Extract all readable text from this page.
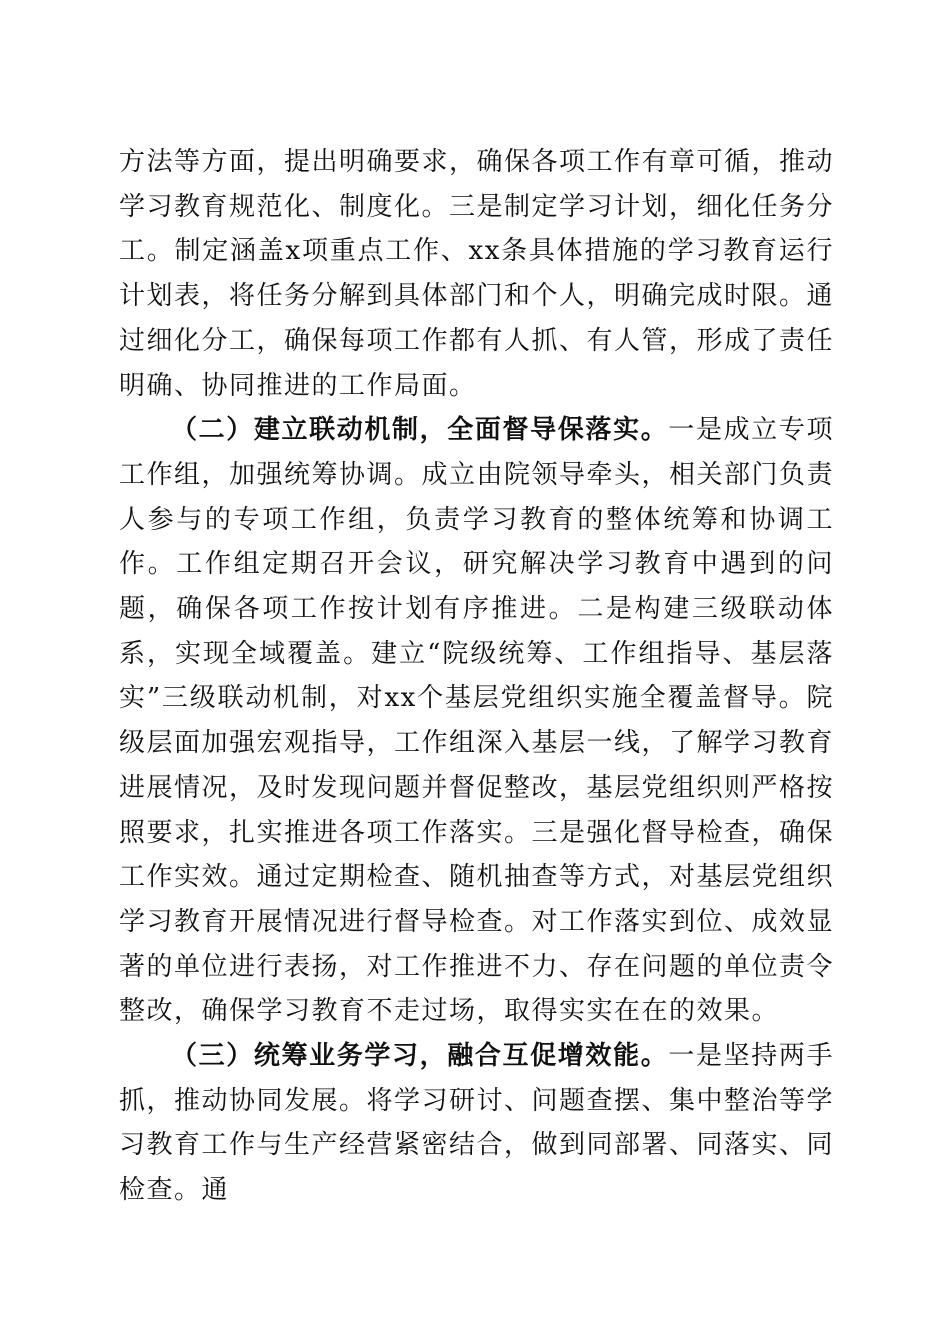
方法等方面，提出明确要求，确保各项工作有章可循，推动学习教育规范化、制度化。三是制定学习计划，细化任务分工。制定涵盖x项重点工作、xx条具体措施的学习教育运行计划表，将任务分解到具体部门和个人，明确完成时限。通过细化分工，确保每项工作都有人抓、有人管，形成了责任明确、协同推进的工作局面。

（二）建立联动机制，全面督导保落实。一是成立专项工作组，加强统筹协调。成立由院领导牵头，相关部门负责人参与的专项工作组，负责学习教育的整体统筹和协调工作。工作组定期召开会议，研究解决学习教育中遇到的问题，确保各项工作按计划有序推进。二是构建三级联动体系，实现全域覆盖。建立“院级统筹、工作组指导、基层落实”三级联动机制，对xx个基层党组织实施全覆盖督导。院级层面加强宏观指导，工作组深入基层一线，了解学习教育进展情况，及时发现问题并督促整改，基层党组织则严格按照要求，扎实推进各项工作落实。三是强化督导检查，确保工作实效。通过定期检查、随机抽查等方式，对基层党组织学习教育开展情况进行督导检查。对工作落实到位、成效显著的单位进行表扬，对工作推进不力、存在问题的单位责令整改，确保学习教育不走过场，取得实实在在的效果。

（三）统筹业务学习，融合互促增效能。一是坚持两手抓，推动协同发展。将学习研讨、问题查摆、集中整治等学习教育工作与生产经营紧密结合，做到同部署、同落实、同检查。通
